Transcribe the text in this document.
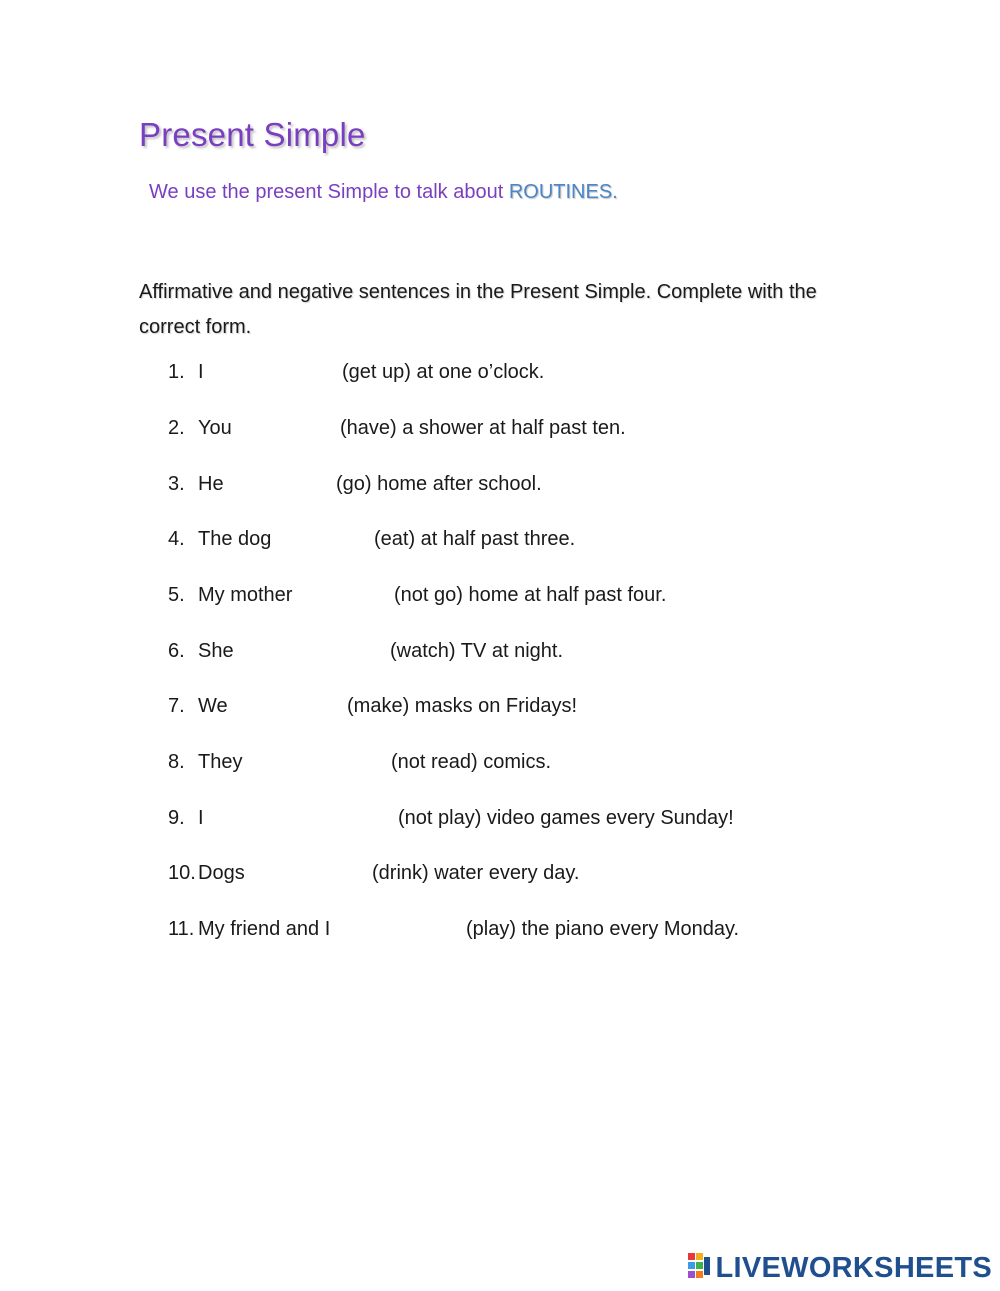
Present Simple

We use the present Simple to talk about ROUTINES.

Affirmative and negative sentences in the Present Simple. Complete with the correct form.

1. I	(get up) at one o’clock.
2. You	(have) a shower at half past ten.
3. He	(go) home after school.
4. The dog	(eat) at half past three.
5. My mother	(not go) home at half past four.
6. She	(watch) TV at night.
7. We	(make) masks on Fridays!
8. They	(not read) comics.
9. I	(not play) video games every Sunday!
10. Dogs	(drink) water every day.
11. My friend and I	(play) the piano every Monday.
LIVEWORKSHEETS
